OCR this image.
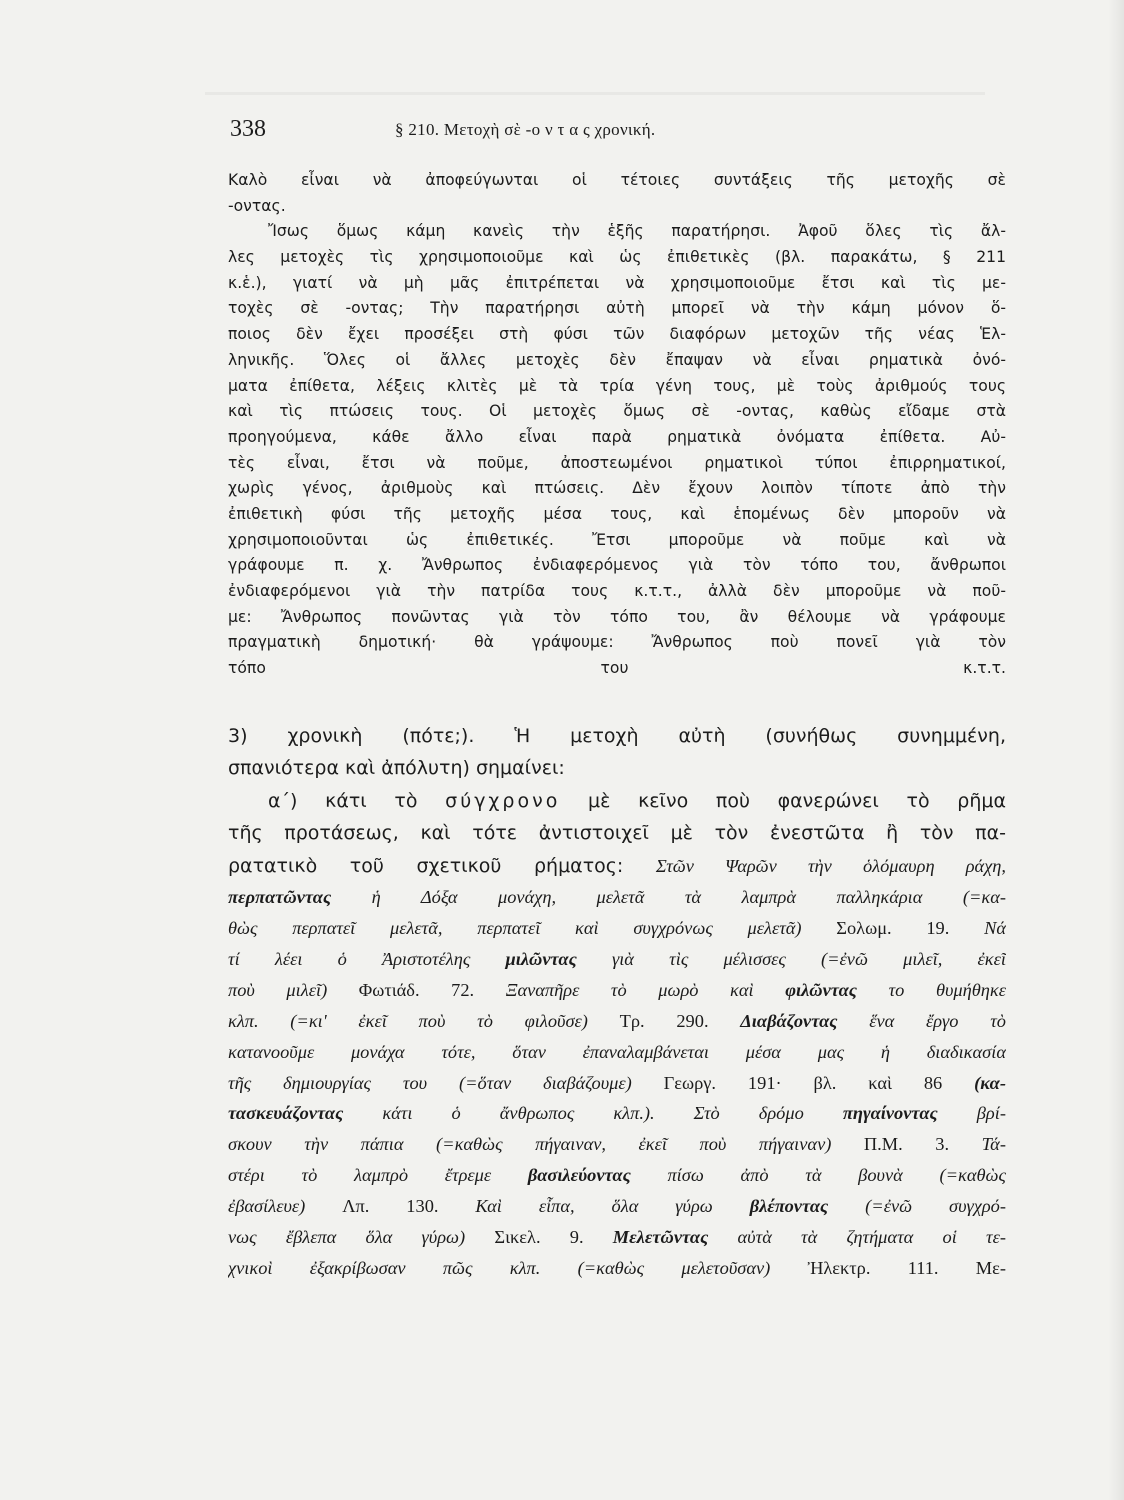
338	§ 210. Μετοχὴ σὲ -ο ν τ α ς χρονική.
Καλὸ εἶναι νὰ ἀποφεύγωνται οἱ τέτοιες συντάξεις τῆς μετοχῆς σὲ
-οντας.
Ἴσως ὅμως κάμη κανεὶς τὴν ἑξῆς παρατήρησι. Ἀφοῦ ὅλες τὶς ἄλ-
λες μετοχὲς τὶς χρησιμοποιοῦμε καὶ ὡς ἐπιθετικὲς (βλ. παρακάτω, § 211
κ.ἑ.), γιατί νὰ μὴ μᾶς ἐπιτρέπεται νὰ χρησιμοποιοῦμε ἔτσι καὶ τὶς με-
τοχὲς σὲ -οντας; Τὴν παρατήρησι αὐτὴ μπορεῖ νὰ τὴν κάμη μόνον ὅ-
ποιος δὲν ἔχει προσέξει στὴ φύσι τῶν διαφόρων μετοχῶν τῆς νέας Ἑλ-
ληνικῆς. Ὅλες οἱ ἄλλες μετοχὲς δὲν ἔπαψαν νὰ εἶναι ρηματικὰ ὀνό-
ματα ἐπίθετα, λέξεις κλιτὲς μὲ τὰ τρία γένη τους, μὲ τοὺς ἀριθμούς τους
καὶ τὶς πτώσεις τους. Οἱ μετοχὲς ὅμως σὲ -οντας, καθὼς εἴδαμε στὰ
προηγούμενα, κάθε ἄλλο εἶναι παρὰ ρηματικὰ ὀνόματα ἐπίθετα. Αὐ-
τὲς εἶναι, ἔτσι νὰ ποῦμε, ἀποστεωμένοι ρηματικοὶ τύποι ἐπιρρηματικοί,
χωρὶς γένος, ἀριθμοὺς καὶ πτώσεις. Δὲν ἔχουν λοιπὸν τίποτε ἀπὸ τὴν
ἐπιθετικὴ φύσι τῆς μετοχῆς μέσα τους, καὶ ἑπομένως δὲν μποροῦν νὰ
χρησιμοποιοῦνται ὡς ἐπιθετικές. Ἔτσι μποροῦμε νὰ ποῦμε καὶ νὰ
γράφουμε π. χ. Ἄνθρωπος ἐνδιαφερόμενος γιὰ τὸν τόπο του, ἄνθρωποι
ἐνδιαφερόμενοι γιὰ τὴν πατρίδα τους κ.τ.τ., ἀλλὰ δὲν μποροῦμε νὰ ποῦ-
με: Ἄνθρωπος πονῶντας γιὰ τὸν τόπο του, ἂν θέλουμε νὰ γράφουμε
πραγματικὴ δημοτική· θὰ γράψουμε: Ἄνθρωπος ποὺ πονεῖ γιὰ τὸν
τόπο του κ.τ.τ.
3) χρονικὴ (πότε;). Ἡ μετοχὴ αὐτὴ (συνήθως συνημμένη,
σπανιότερα καὶ ἀπόλυτη) σημαίνει:
α΄) κάτι τὸ σύγχρονο μὲ κεῖνο ποὺ φανερώνει τὸ ρῆμα
τῆς προτάσεως, καὶ τότε ἀντιστοιχεῖ μὲ τὸν ἐνεστῶτα ἢ τὸν πα-
ρατατικὸ τοῦ σχετικοῦ ρήματος: Στῶν Ψαρῶν τὴν ὁλόμαυρη ράχη,
περπατῶντας ἡ Δόξα μονάχη, μελετᾶ τὰ λαμπρὰ παλληκάρια (=κα-
θὼς περπατεῖ μελετᾶ, περπατεῖ καὶ συγχρόνως μελετᾶ) Σολωμ. 19. Νά
τί λέει ὁ Ἀριστοτέλης μιλῶντας γιὰ τὶς μέλισσες (=ἐνῶ μιλεῖ, ἐκεῖ
ποὺ μιλεῖ) Φωτιάδ. 72. Ξαναπῆρε τὸ μωρὸ καὶ φιλῶντας το θυμήθηκε
κλπ. (=κι' ἐκεῖ ποὺ τὸ φιλοῦσε) Τρ. 290. Διαβάζοντας ἕνα ἔργο τὸ
κατανοοῦμε μονάχα τότε, ὅταν ἐπαναλαμβάνεται μέσα μας ἡ διαδικασία
τῆς δημιουργίας του (=ὅταν διαβάζουμε) Γεωργ. 191· βλ. καὶ 86 (κα-
τασκευάζοντας κάτι ὁ ἄνθρωπος κλπ.). Στὸ δρόμο πηγαίνοντας βρί-
σκουν τὴν πάπια (=καθὼς πήγαιναν, ἐκεῖ ποὺ πήγαιναν) Π.Μ. 3. Τά-
στέρι τὸ λαμπρὸ ἔτρεμε βασιλεύοντας πίσω ἀπὸ τὰ βουνὰ (=καθὼς
ἐβασίλευε) Λπ. 130. Καὶ εἶπα, ὅλα γύρω βλέποντας (=ἐνῶ συγχρό-
νως ἔβλεπα ὅλα γύρω) Σικελ. 9. Μελετῶντας αὐτὰ τὰ ζητήματα οἱ τε-
χνικοὶ ἐξακρίβωσαν πῶς κλπ. (=καθὼς μελετοῦσαν) Ἠλεκτρ. 111. Με-
